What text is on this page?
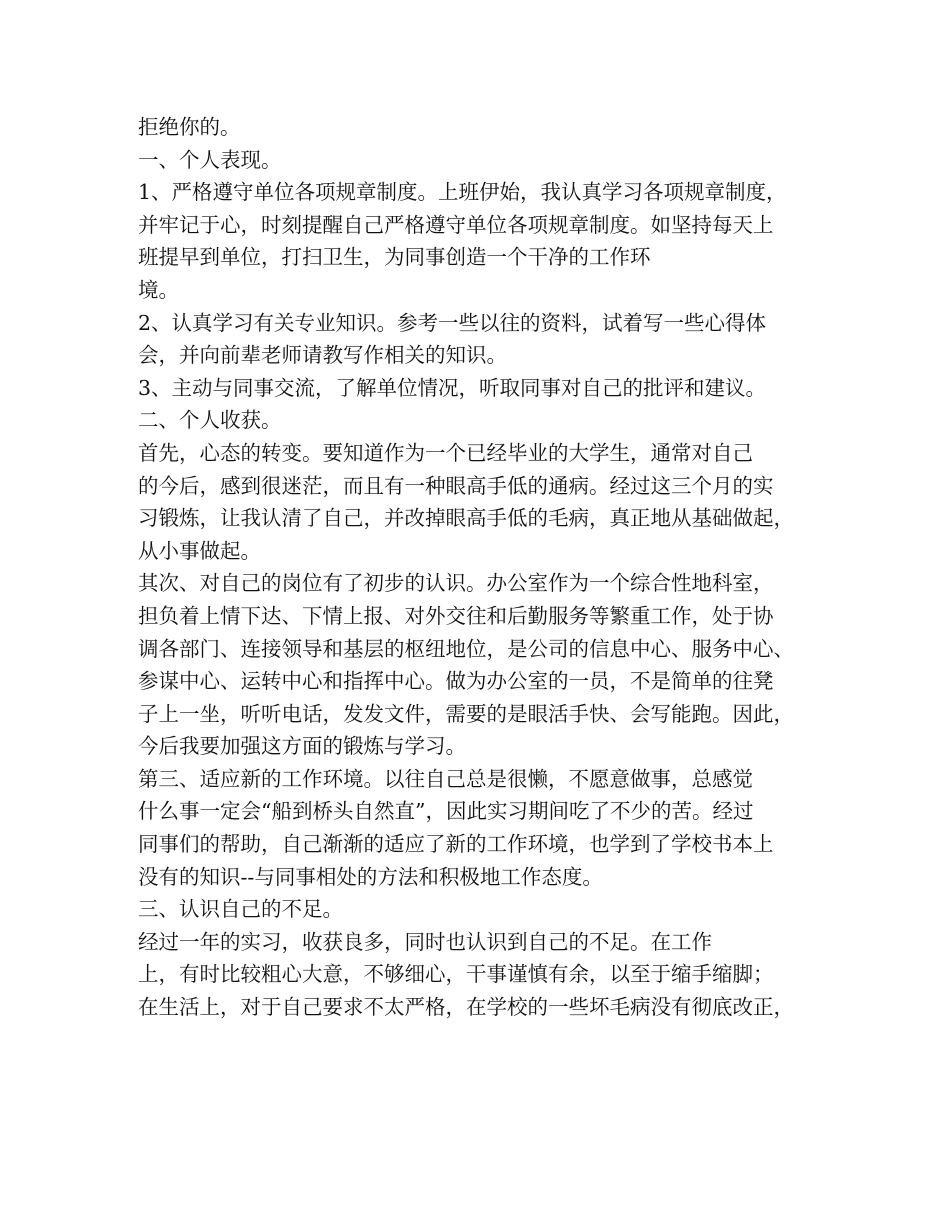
拒绝你的。
一、个人表现。
1、严格遵守单位各项规章制度。上班伊始，我认真学习各项规章制度，
并牢记于心，时刻提醒自己严格遵守单位各项规章制度。如坚持每天上
班提早到单位，打扫卫生，为同事创造一个干净的工作环
境。
2、认真学习有关专业知识。参考一些以往的资料，试着写一些心得体
会，并向前辈老师请教写作相关的知识。
3、主动与同事交流，了解单位情况，听取同事对自己的批评和建议。
二、个人收获。
首先，心态的转变。要知道作为一个已经毕业的大学生，通常对自己
的今后，感到很迷茫，而且有一种眼高手低的通病。经过这三个月的实
习锻炼，让我认清了自己，并改掉眼高手低的毛病，真正地从基础做起，
从小事做起。
其次、对自己的岗位有了初步的认识。办公室作为一个综合性地科室，
担负着上情下达、下情上报、对外交往和后勤服务等繁重工作，处于协
调各部门、连接领导和基层的枢纽地位，是公司的信息中心、服务中心、
参谋中心、运转中心和指挥中心。做为办公室的一员，不是简单的往凳
子上一坐，听听电话，发发文件，需要的是眼活手快、会写能跑。因此，
今后我要加强这方面的锻炼与学习。
第三、适应新的工作环境。以往自己总是很懒，不愿意做事，总感觉
什么事一定会“船到桥头自然直”，因此实习期间吃了不少的苦。经过
同事们的帮助，自己渐渐的适应了新的工作环境，也学到了学校书本上
没有的知识--与同事相处的方法和积极地工作态度。
三、认识自己的不足。
经过一年的实习，收获良多，同时也认识到自己的不足。在工作
上，有时比较粗心大意，不够细心，干事谨慎有余，以至于缩手缩脚；
在生活上，对于自己要求不太严格，在学校的一些坏毛病没有彻底改正，
